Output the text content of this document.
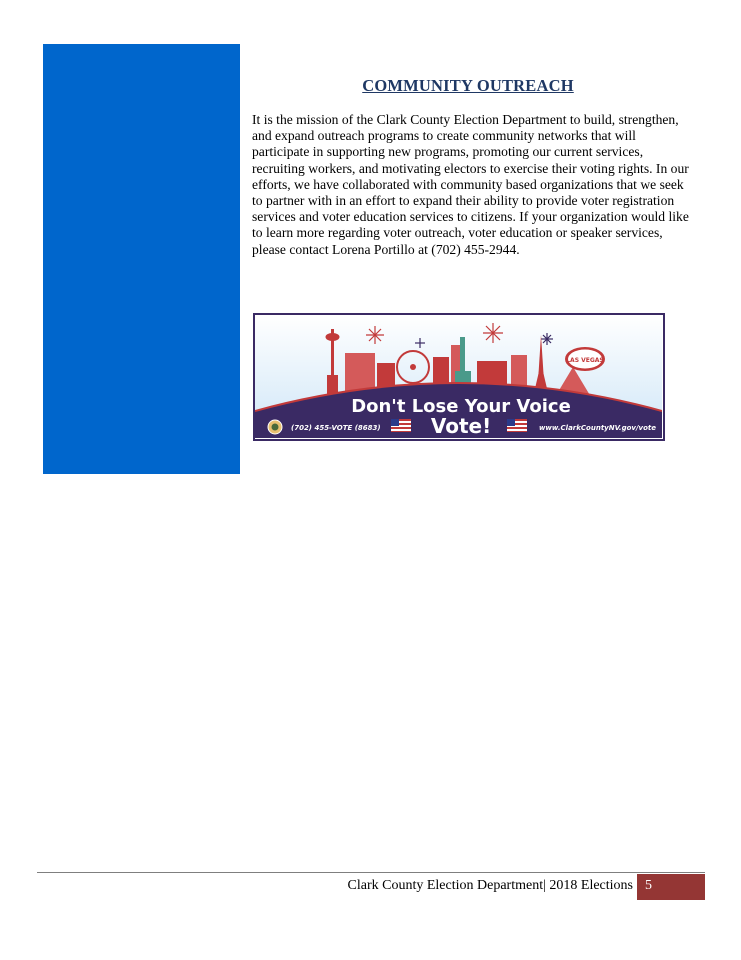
COMMUNITY OUTREACH

It is the mission of the Clark County Election Department to build, strengthen, and expand outreach programs to create community networks that will participate in supporting new programs, promoting our current services, recruiting workers, and motivating electors to exercise their voting rights. In our efforts, we have collaborated with community based organizations that we seek to partner with in an effort to expand their ability to provide voter registration services and voter education services to citizens. If your organization would like to learn more regarding voter outreach, voter education or speaker services, please contact Lorena Portillo at (702) 455-2944.

LAS VEGAS
Don't Lose Your Voice
Vote!
(702) 455-VOTE (8683)	www.ClarkCountyNV.gov/vote
Clark County Election Department| 2018 Elections 5
